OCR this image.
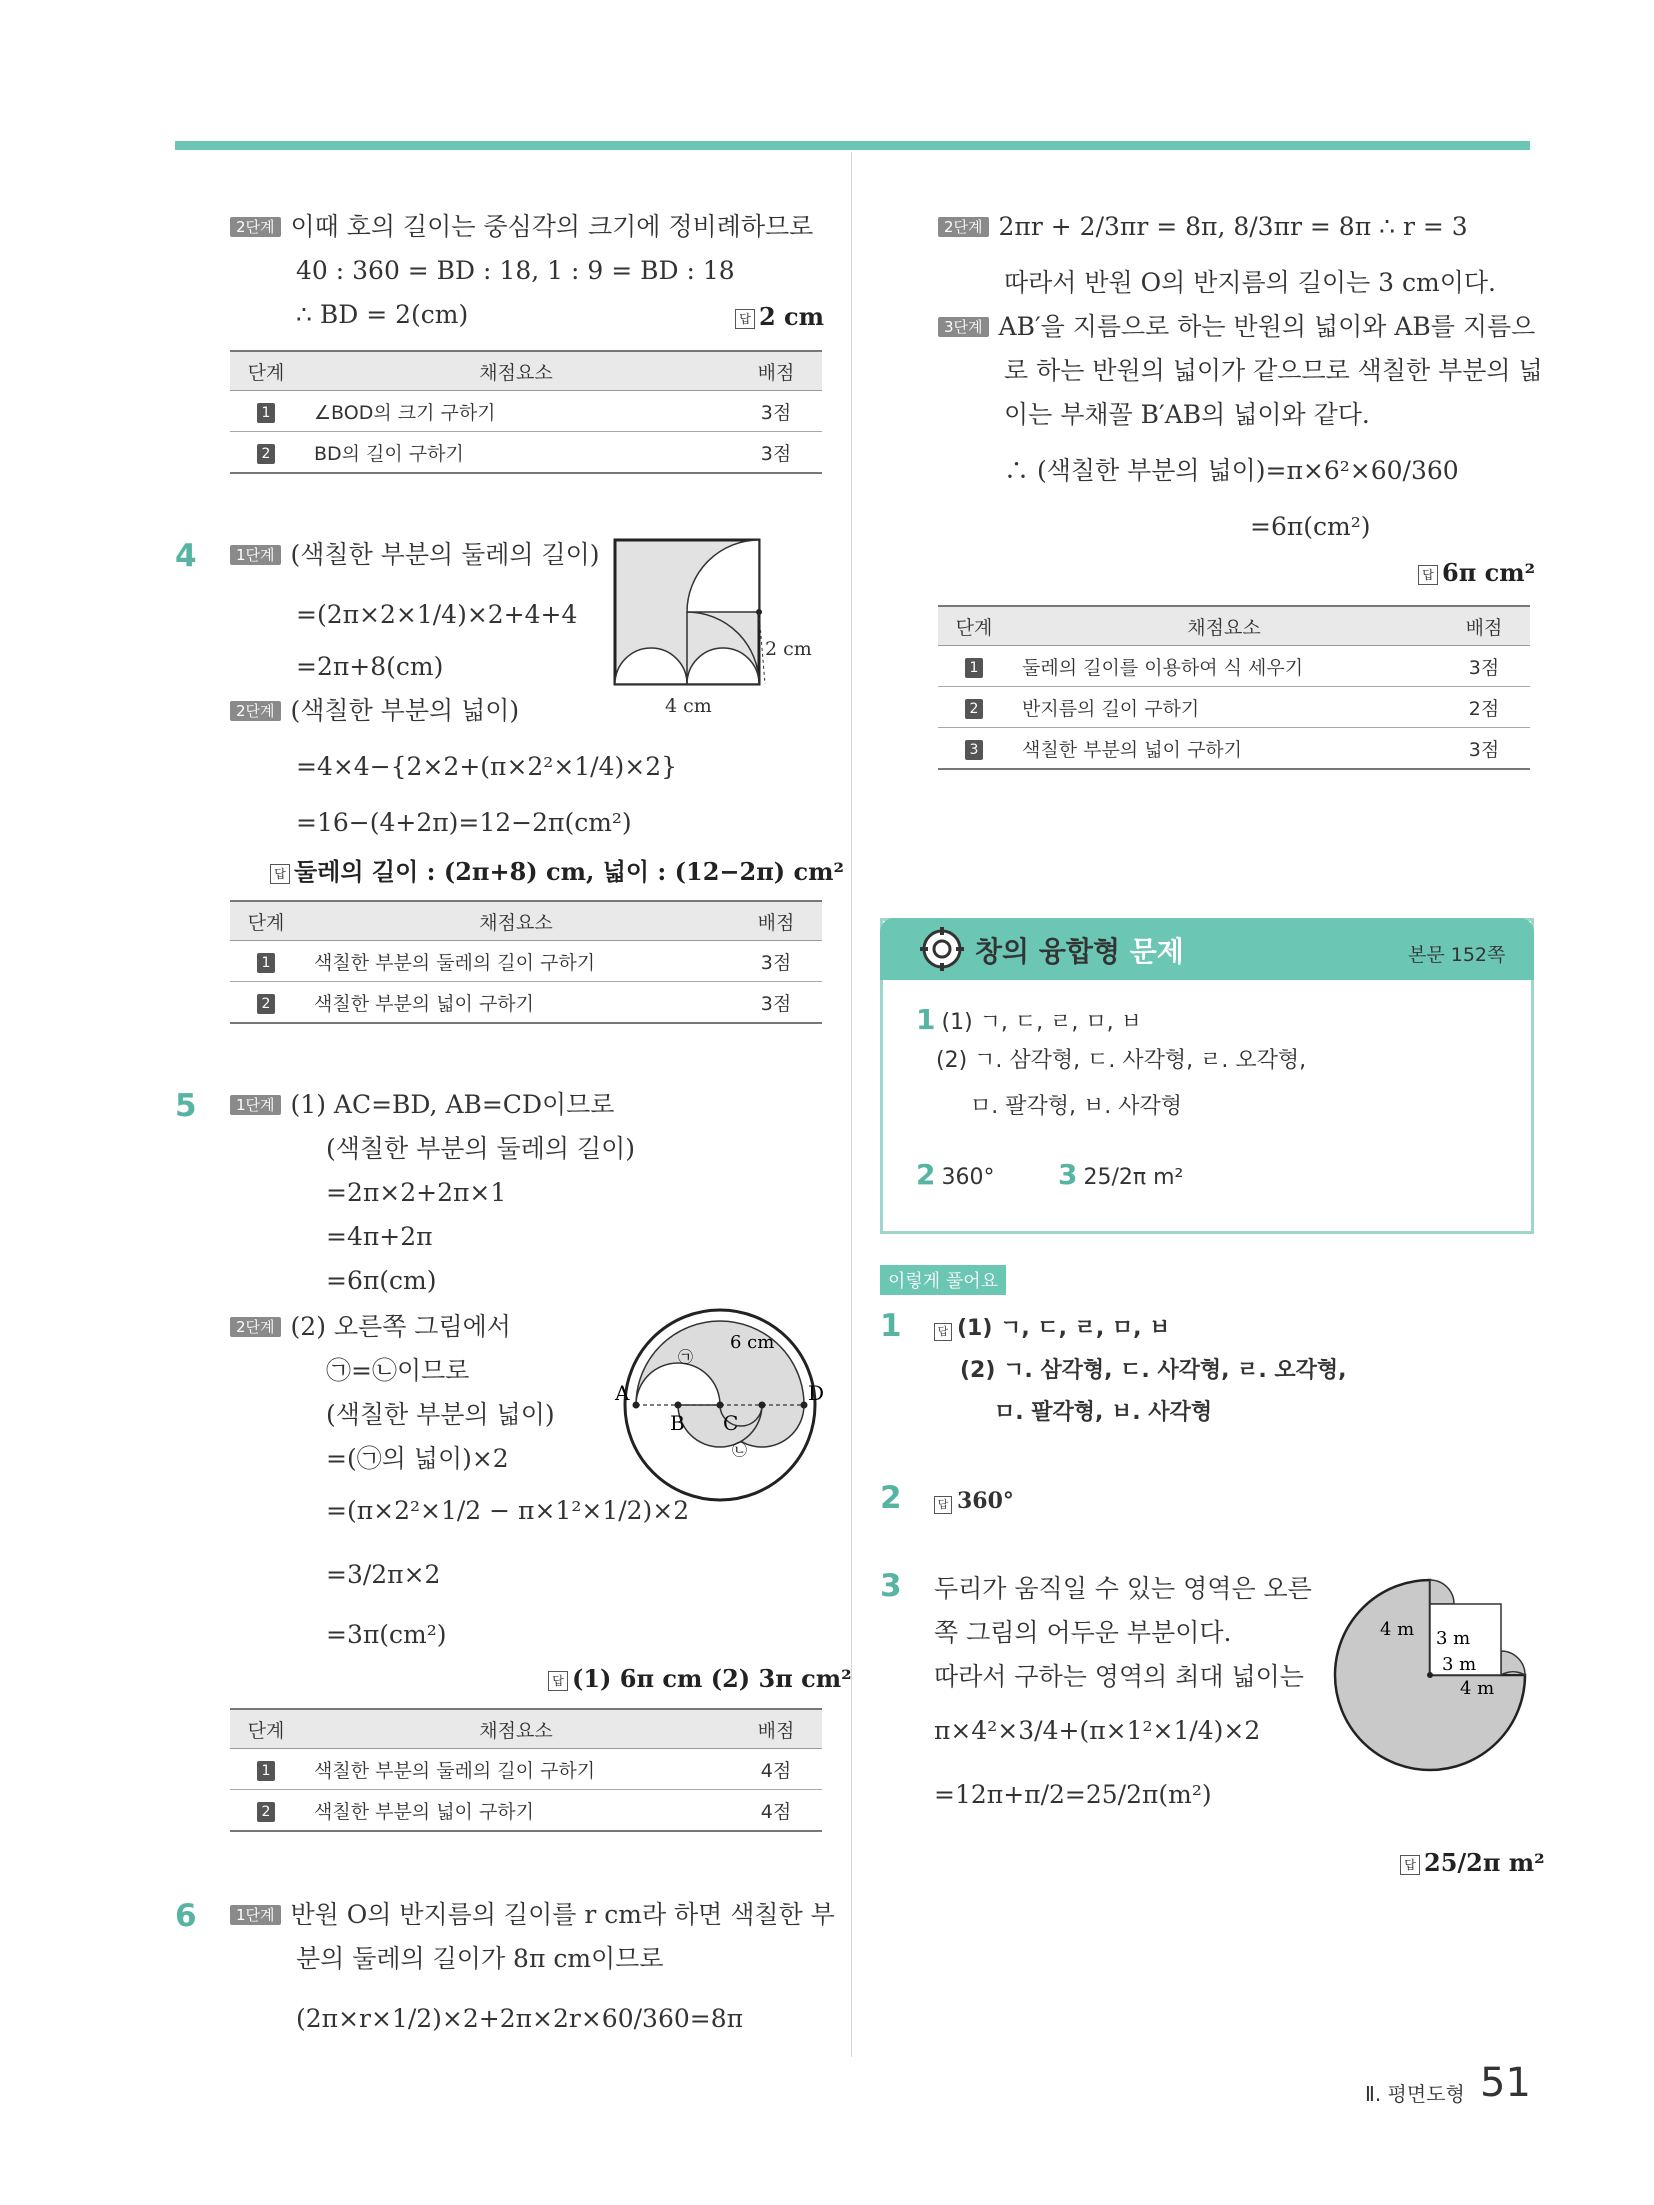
2단계 이때 호의 길이는 중심각의 크기에 정비례하므로
40 : 360 = BD : 18, 1 : 9 = BD : 18
∴ BD = 2(cm)	답 2 cm
단계	채점요소	배점
1	∠BOD의 크기 구하기	3점
2	BD의 길이 구하기	3점
4	1단계 (색칠한 부분의 둘레의 길이)
=(2π×2×1/4)×2+4+4
=2π+8(cm)
2단계 (색칠한 부분의 넓이)
=4×4−{2×2+(π×2²×1/4)×2}
=16−(4+2π)=12−2π(cm²)
답 둘레의 길이 : (2π+8) cm, 넓이 : (12−2π) cm²
2 cm
4 cm
단계	채점요소	배점
1	색칠한 부분의 둘레의 길이 구하기	3점
2	색칠한 부분의 넓이 구하기	3점
5	1단계 (1) AC=BD, AB=CD이므로
(색칠한 부분의 둘레의 길이)
=2π×2+2π×1
=4π+2π
=6π(cm)
2단계 (2) 오른쪽 그림에서
㉠=㉡이므로
(색칠한 부분의 넓이)
=(㉠의 넓이)×2
=(π×2²×1/2 − π×1²×1/2)×2
=3/2π×2
=3π(cm²)
답 (1) 6π cm (2) 3π cm²
A
B C
D
6 cm
㉠
㉡
단계	채점요소	배점
1	색칠한 부분의 둘레의 길이 구하기	4점
2	색칠한 부분의 넓이 구하기	4점
6	1단계 반원 O의 반지름의 길이를 r cm라 하면 색칠한 부
분의 둘레의 길이가 8π cm이므로
(2π×r×1/2)×2+2π×2r×60/360=8π
2단계 2πr + 2/3πr = 8π, 8/3πr = 8π ∴ r = 3
따라서 반원 O의 반지름의 길이는 3 cm이다.
3단계 AB′을 지름으로 하는 반원의 넓이와 AB를 지름으
로 하는 반원의 넓이가 같으므로 색칠한 부분의 넓
이는 부채꼴 B′AB의 넓이와 같다.
∴ (색칠한 부분의 넓이)=π×6²×60/360
=6π(cm²)
답 6π cm²
단계	채점요소	배점
1	둘레의 길이를 이용하여 식 세우기	3점
2	반지름의 길이 구하기	2점
3	색칠한 부분의 넓이 구하기	3점
창의 융합형 문제	본문 152쪽
1 (1) ㄱ, ㄷ, ㄹ, ㅁ, ㅂ
(2) ㄱ. 삼각형, ㄷ. 사각형, ㄹ. 오각형,
ㅁ. 팔각형, ㅂ. 사각형
2 360° 3 25/2π m²
이렇게 풀어요
1	답 (1) ㄱ, ㄷ, ㄹ, ㅁ, ㅂ
(2) ㄱ. 삼각형, ㄷ. 사각형, ㄹ. 오각형,
ㅁ. 팔각형, ㅂ. 사각형
2	답 360°
3 두리가 움직일 수 있는 영역은 오른
쪽 그림의 어두운 부분이다.
따라서 구하는 영역의 최대 넓이는
π×4²×3/4+(π×1²×1/4)×2
=12π+π/2=25/2π(m²)
답 25/2π m²
4 m 3 m
3 m
4 m
Ⅱ. 평면도형 51
